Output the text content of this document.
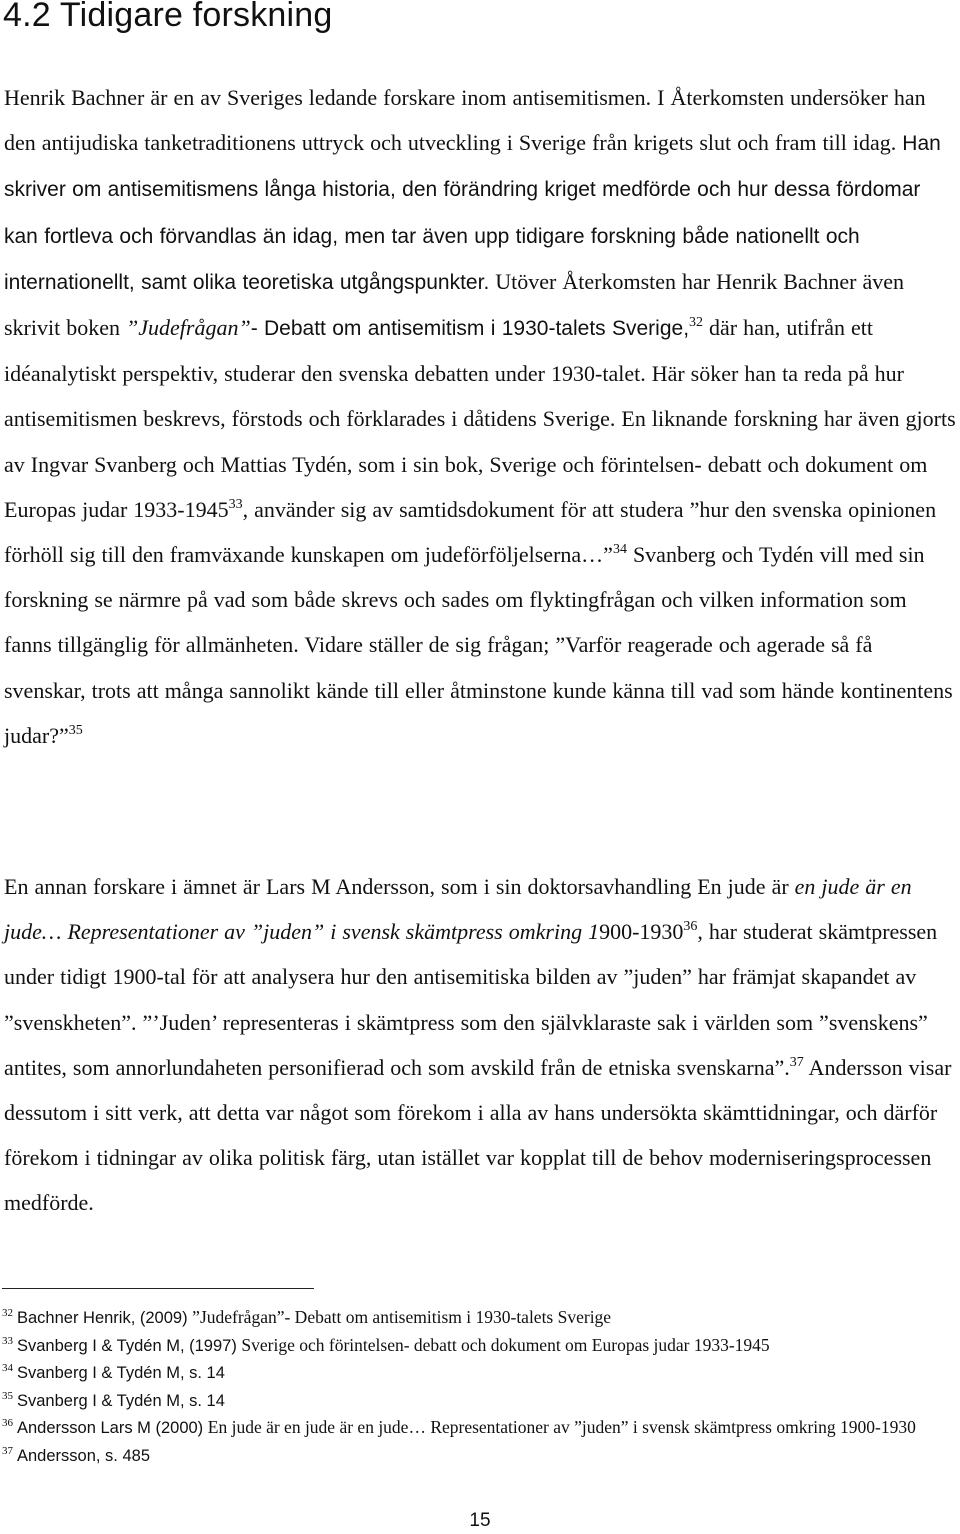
4.2 Tidigare forskning

Henrik Bachner är en av Sveriges ledande forskare inom antisemitismen. I Återkomsten undersöker han den antijudiska tanketraditionens uttryck och utveckling i Sverige från krigets slut och fram till idag. Han skriver om antisemitismens långa historia, den förändring kriget medförde och hur dessa fördomar kan fortleva och förvandlas än idag, men tar även upp tidigare forskning både nationellt och internationellt, samt olika teoretiska utgångspunkter. Utöver Återkomsten har Henrik Bachner även skrivit boken ”Judefrågan”- Debatt om antisemitism i 1930-talets Sverige,$^{32}$ där han, utifrån ett idéanalytiskt perspektiv, studerar den svenska debatten under 1930-talet. Här söker han ta reda på hur antisemitismen beskrevs, förstods och förklarades i dåtidens Sverige. En liknande forskning har även gjorts av Ingvar Svanberg och Mattias Tydén, som i sin bok, Sverige och förintelsen- debatt och dokument om Europas judar 1933-1945$^{33}$, använder sig av samtidsdokument för att studera ”hur den svenska opinionen förhöll sig till den framväxande kunskapen om judeförföljelserna…”$^{34}$ Svanberg och Tydén vill med sin forskning se närmre på vad som både skrevs och sades om flyktingfrågan och vilken information som fanns tillgänglig för allmänheten. Vidare ställer de sig frågan; ”Varför reagerade och agerade så få svenskar, trots att många sannolikt kände till eller åtminstone kunde känna till vad som hände kontinentens judar?”$^{35}$

En annan forskare i ämnet är Lars M Andersson, som i sin doktorsavhandling En jude är en jude är en jude… Representationer av ”juden” i svensk skämtpress omkring 1900-1930$^{36}$, har studerat skämtpressen under tidigt 1900-tal för att analysera hur den antisemitiska bilden av ”juden” har främjat skapandet av ”svenskheten”. ”’Juden’ representeras i skämtpress som den självklaraste sak i världen som ”svenskens” antites, som annorlundaheten personifierad och som avskild från de etniska svenskarna”.$^{37}$ Andersson visar dessutom i sitt verk, att detta var något som förekom i alla av hans undersökta skämttidningar, och därför förekom i tidningar av olika politisk färg, utan istället var kopplat till de behov moderniseringsprocessen medförde.

$^{32}$ Bachner Henrik, (2009) ”Judefrågan”- Debatt om antisemitism i 1930-talets Sverige

$^{33}$ Svanberg I & Tydén M, (1997) Sverige och förintelsen- debatt och dokument om Europas judar 1933-1945

$^{34}$ Svanberg I & Tydén M, s. 14

$^{35}$ Svanberg I & Tydén M, s. 14

$^{36}$ Andersson Lars M (2000) En jude är en jude är en jude… Representationer av ”juden” i svensk skämtpress omkring 1900-1930

$^{37}$ Andersson, s. 485

15
